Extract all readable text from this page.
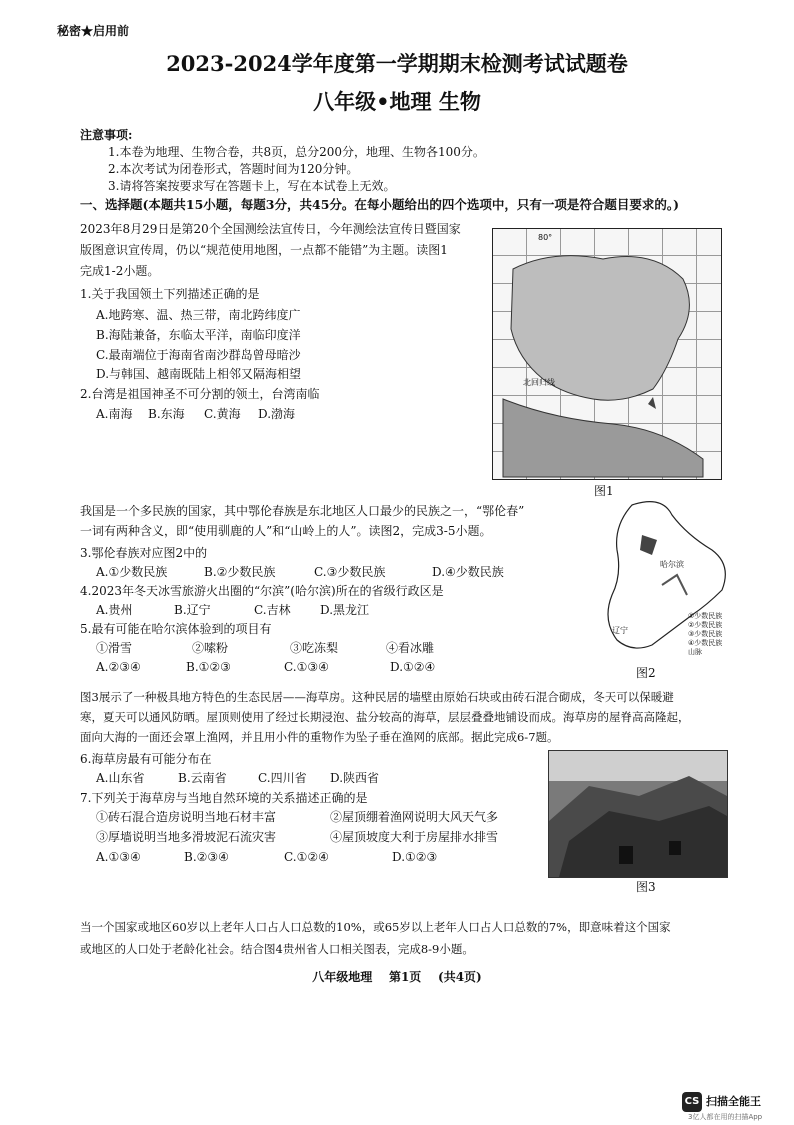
秘密★启用前
2023-2024学年度第一学期期末检测考试试题卷
八年级•地理 生物
注意事项:
1.本卷为地理、生物合卷，共8页，总分200分，地理、生物各100分。
2.本次考试为闭卷形式，答题时间为120分钟。
3.请将答案按要求写在答题卡上，写在本试卷上无效。
一、选择题(本题共15小题，每题3分，共45分。在每小题给出的四个选项中，只有一项是符合题目要求的。)
2023年8月29日是第20个全国测绘法宣传日，今年测绘法宣传日暨国家
版图意识宣传周，仍以“规范使用地图，一点都不能错”为主题。读图1
完成1-2小题。
1.关于我国领土下列描述正确的是
A.地跨寒、温、热三带，南北跨纬度广
B.海陆兼备，东临太平洋，南临印度洋
C.最南端位于海南省南沙群岛曾母暗沙
D.与韩国、越南既陆上相邻又隔海相望
2.台湾是祖国神圣不可分割的领土，台湾南临
A.南海 B.东海 C.黄海 D.渤海
北回归线
80°
图1
我国是一个多民族的国家，其中鄂伦春族是东北地区人口最少的民族之一，“鄂伦春”
一词有两种含义，即“使用驯鹿的人”和“山岭上的人”。读图2，完成3-5小题。
3.鄂伦春族对应图2中的
A.①少数民族	B.②少数民族	C.③少数民族	D.④少数民族
4.2023年冬天冰雪旅游火出圈的“尔滨”(哈尔滨)所在的省级行政区是
A.贵州	B.辽宁	C.吉林 D.黑龙江
5.最有可能在哈尔滨体验到的项目有
①滑雪	②嗦粉	③吃冻梨	④看冰雕
A.②③④	B.①②③	C.①③④	D.①②④
哈尔滨
辽宁
①少数民族
②少数民族
③少数民族
④少数民族
山脉
图2
图3展示了一种极具地方特色的生态民居——海草房。这种民居的墙壁由原始石块或由砖石混合砌成，冬天可以保暖避
寒，夏天可以通风防晒。屋顶则使用了经过长期浸泡、盐分较高的海草，层层叠叠地铺设而成。海草房的屋脊高高隆起，
面向大海的一面还会罩上渔网，并且用小件的重物作为坠子垂在渔网的底部。据此完成6-7题。
6.海草房最有可能分布在
A.山东省	B.云南省	C.四川省 D.陕西省
7.下列关于海草房与当地自然环境的关系描述正确的是
①砖石混合造房说明当地石材丰富	②屋顶绷着渔网说明大风天气多
③厚墙说明当地多滑坡泥石流灾害	④屋顶坡度大利于房屋排水排雪
A.①③④	B.②③④	C.①②④	D.①②③
图3
当一个国家或地区60岁以上老年人口占人口总数的10%，或65岁以上老年人口占人口总数的7%，即意味着这个国家
或地区的人口处于老龄化社会。结合图4贵州省人口相关图表，完成8-9小题。
八年级地理    第1页    (共4页)
CS 扫描全能王
3亿人都在用的扫描App
